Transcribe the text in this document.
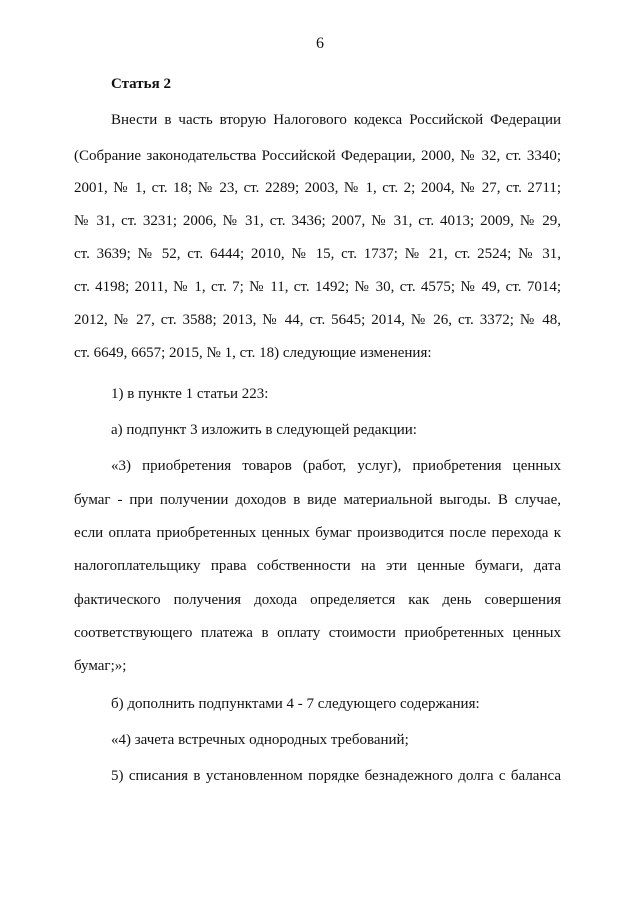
6
Статья 2
Внести в часть вторую Налогового кодекса Российской Федерации
(Собрание законодательства Российской Федерации, 2000, № 32, ст. 3340;
2001, № 1, ст. 18; № 23, ст. 2289; 2003, № 1, ст. 2; 2004, № 27, ст. 2711;
№ 31, ст. 3231; 2006, № 31, ст. 3436; 2007, № 31, ст. 4013; 2009, № 29,
ст. 3639; № 52, ст. 6444; 2010, № 15, ст. 1737; № 21, ст. 2524; № 31,
ст. 4198; 2011, № 1, ст. 7; № 11, ст. 1492; № 30, ст. 4575; № 49, ст. 7014;
2012, № 27, ст. 3588; 2013, № 44, ст. 5645; 2014, № 26, ст. 3372; № 48,
ст. 6649, 6657; 2015, № 1, ст. 18) следующие изменения:
1) в пункте 1 статьи 223:
а) подпункт 3 изложить в следующей редакции:
«3) приобретения товаров (работ, услуг), приобретения ценных
бумаг - при получении доходов в виде материальной выгоды. В случае,
если оплата приобретенных ценных бумаг производится после перехода к
налогоплательщику права собственности на эти ценные бумаги, дата
фактического получения дохода определяется как день совершения
соответствующего платежа в оплату стоимости приобретенных ценных
бумаг;»;
б) дополнить подпунктами 4 - 7 следующего содержания:
«4) зачета встречных однородных требований;
5) списания в установленном порядке безнадежного долга с баланса
